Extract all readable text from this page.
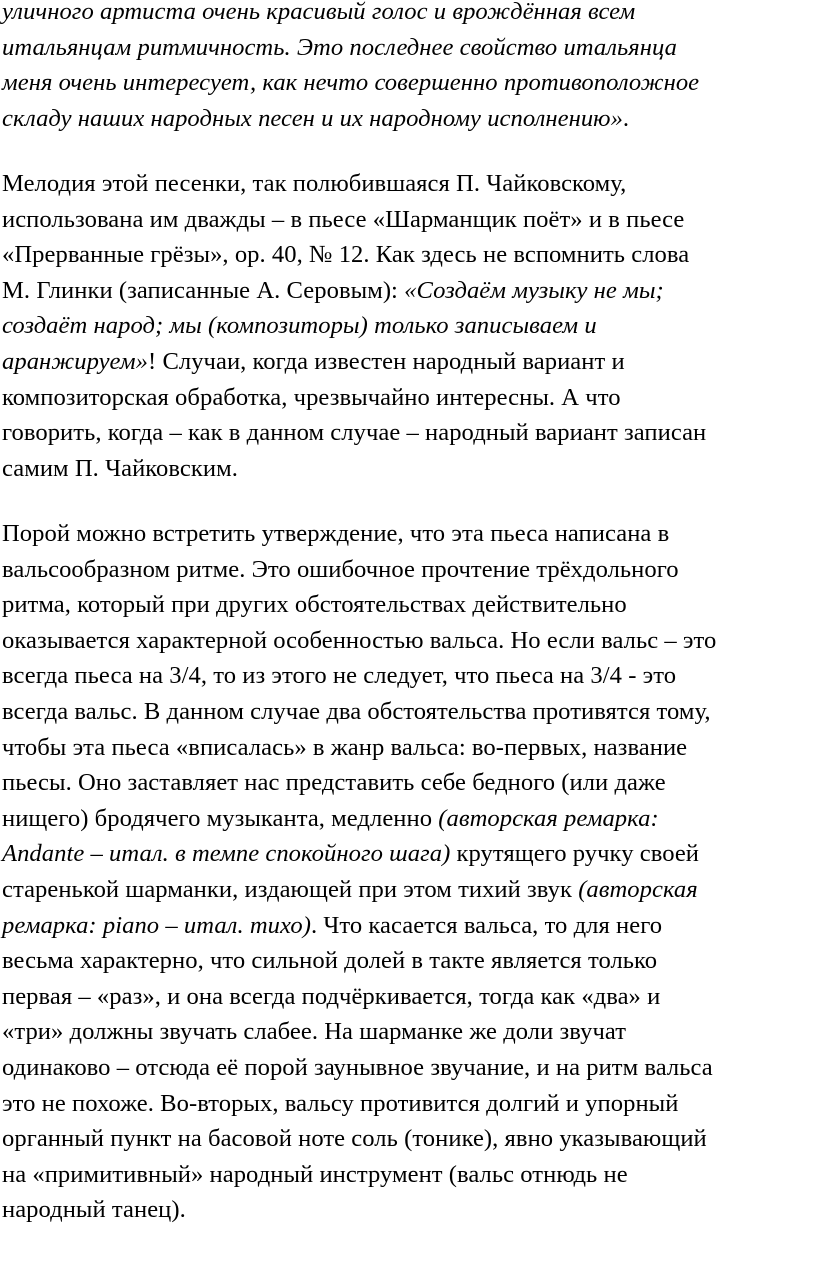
уличного артиста очень красивый голос и врождённая всем
итальянцам ритмичность. Это последнее свойство итальянца
меня очень интересует, как нечто совершенно противоположное
складу наших народных песен и их народному исполнению».

Мелодия этой песенки, так полюбившаяся П. Чайковскому,
использована им дважды – в пьесе «Шарманщик поёт» и в пьесе
«Прерванные грёзы», ор. 40, № 12. Как здесь не вспомнить слова
М. Глинки (записанные А. Серовым): «Создаём музыку не мы;
создаёт народ; мы (композиторы) только записываем и
аранжируем»! Случаи, когда известен народный вариант и
композиторская обработка, чрезвычайно интересны. А что
говорить, когда – как в данном случае – народный вариант записан
самим П. Чайковским.

Порой можно встретить утверждение, что эта пьеса написана в
вальсообразном ритме. Это ошибочное прочтение трёхдольного
ритма, который при других обстоятельствах действительно
оказывается характерной особенностью вальса. Но если вальс – это
всегда пьеса на 3/4, то из этого не следует, что пьеса на 3/4 - это
всегда вальс. В данном случае два обстоятельства противятся тому,
чтобы эта пьеса «вписалась» в жанр вальса: во-первых, название
пьесы. Оно заставляет нас представить себе бедного (или даже
нищего) бродячего музыканта, медленно (авторская ремарка:
Andante – итал. в темпе спокойного шага) крутящего ручку своей
старенькой шарманки, издающей при этом тихий звук (авторская
ремарка: piano – итал. тихо). Что касается вальса, то для него
весьма характерно, что сильной долей в такте является только
первая – «раз», и она всегда подчёркивается, тогда как «два» и
«три» должны звучать слабее. На шарманке же доли звучат
одинаково – отсюда её порой заунывное звучание, и на ритм вальса
это не похоже. Во-вторых, вальсу противится долгий и упорный
органный пункт на басовой ноте соль (тонике), явно указывающий
на «примитивный» народный инструмент (вальс отнюдь не
народный танец).
